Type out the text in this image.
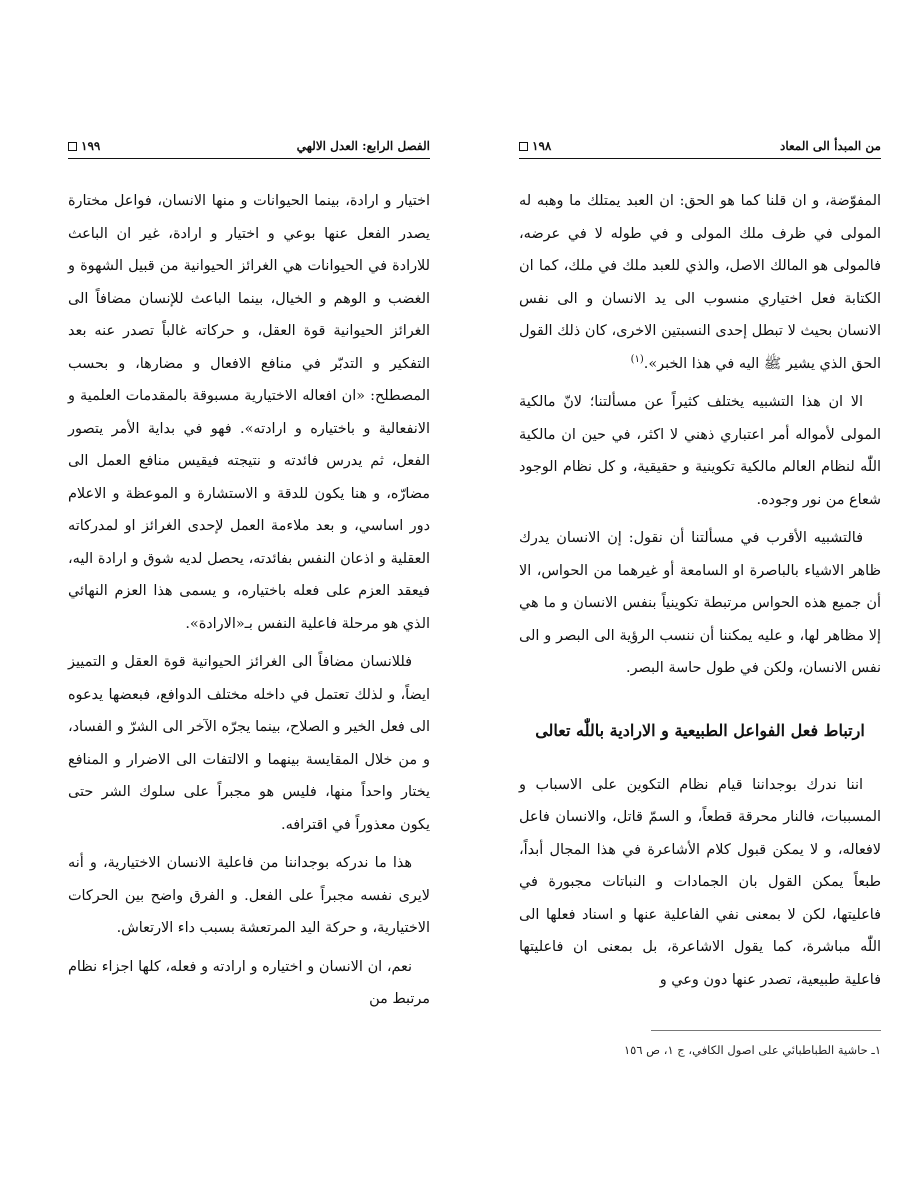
الفصل الرابع: العدل الالهي
١٩٩

اختيار و ارادة، بينما الحيوانات و منها الانسان، فواعل مختارة يصدر الفعل عنها بوعي و اختيار و ارادة، غير ان الباعث للارادة في الحيوانات هي الغرائز الحيوانية من قبيل الشهوة و الغضب و الوهم و الخيال، بينما الباعث للإنسان مضافاً الى الغرائز الحيوانية قوة العقل، و حركاته غالباً تصدر عنه بعد التفكير و التدبّر في منافع الافعال و مضارها، و بحسب المصطلح: «ان افعاله الاختيارية مسبوقة بالمقدمات العلمية و الانفعالية و باختياره و ارادته». فهو في بداية الأمر يتصور الفعل، ثم يدرس فائدته و نتيجته فيقيس منافع العمل الى مضارّه، و هنا يكون للدقة و الاستشارة و الموعظة و الاعلام دور اساسي، و بعد ملاءمة العمل لإحدى الغرائز او لمدركاته العقلية و اذعان النفس بفائدته، يحصل لديه شوق و ارادة اليه، فيعقد العزم على فعله باختياره، و يسمى هذا العزم النهائي الذي هو مرحلة فاعلية النفس بـ«الارادة».

فللانسان مضافاً الى الغرائز الحيوانية قوة العقل و التمييز ايضاً، و لذلك تعتمل في داخله مختلف الدوافع، فبعضها يدعوه الى فعل الخير و الصلاح، بينما يجرّه الآخر الى الشرّ و الفساد، و من خلال المقايسة بينهما و الالتفات الى الاضرار و المنافع يختار واحداً منها، فليس هو مجبراً على سلوك الشر حتى يكون معذوراً في اقترافه.

هذا ما ندركه بوجداننا من فاعلية الانسان الاختيارية، و أنه لايرى نفسه مجبراً على الفعل. و الفرق واضح بين الحركات الاختيارية، و حركة اليد المرتعشة بسبب داء الارتعاش.

نعم، ان الانسان و اختياره و ارادته و فعله، كلها اجزاء نظام مرتبط من

من المبدأ الى المعاد
١٩٨

المفوّضة، و ان قلنا كما هو الحق: ان العبد يمتلك ما وهبه له المولى في ظرف ملك المولى و في طوله لا في عرضه، فالمولى هو المالك الاصل، والذي للعبد ملك في ملك، كما ان الكتابة فعل اختياري منسوب الى يد الانسان و الى نفس الانسان بحيث لا تبطل إحدى النسبتين الاخرى، كان ذلك القول الحق الذي يشير ﷺ اليه في هذا الخبر».$^{(١)}$

الا ان هذا التشبيه يختلف كثيراً عن مسألتنا؛ لانّ مالكية المولى لأمواله أمر اعتباري ذهني لا اكثر، في حين ان مالكية اللّٰه لنظام العالم مالكية تكوينية و حقيقية، و كل نظام الوجود شعاع من نور وجوده.

فالتشبيه الأقرب في مسألتنا أن نقول: إن الانسان يدرك ظاهر الاشياء بالباصرة او السامعة أو غيرهما من الحواس، الا أن جميع هذه الحواس مرتبطة تكوينياً بنفس الانسان و ما هي إلا مظاهر لها، و عليه يمكننا أن ننسب الرؤية الى البصر و الى نفس الانسان، ولكن في طول حاسة البصر.

ارتباط فعل الفواعل الطبيعية و الارادية باللّٰه تعالى

اننا ندرك بوجداننا قيام نظام التكوين على الاسباب و المسببات، فالنار محرقة قطعاً، و السمّ قاتل، والانسان فاعل لافعاله، و لا يمكن قبول كلام الأشاعرة في هذا المجال أبداً، طبعاً يمكن القول بان الجمادات و النباتات مجبورة في فاعليتها، لكن لا بمعنى نفي الفاعلية عنها و اسناد فعلها الى اللّٰه مباشرة، كما يقول الاشاعرة، بل بمعنى ان فاعليتها فاعلية طبيعية، تصدر عنها دون وعي و

١ـ حاشية الطباطبائي على اصول الكافي، ج ١، ص ١٥٦
